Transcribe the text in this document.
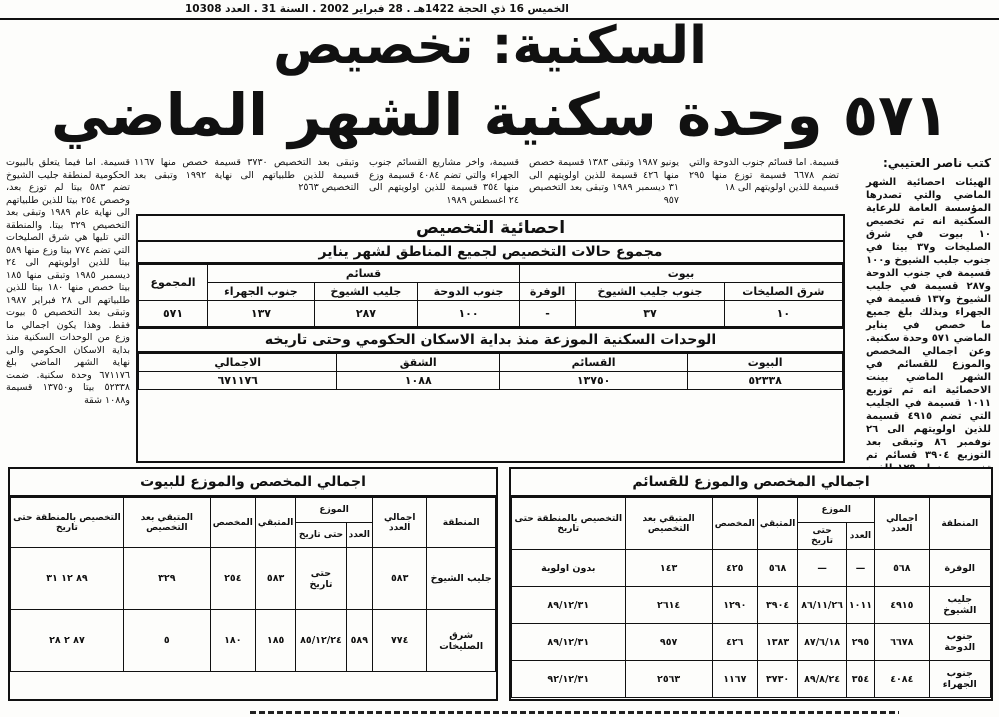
الخميس 16 ذي الحجة 1422هـ . 28 فبراير 2002 . السنة 31 . العدد 10308
السكنية: تخصيص
٥٧١ وحدة سكنية الشهر الماضي
كتب ناصر العتيبي:
الهيئات احصائية الشهر الماضي والتي تصدرها المؤسسة العامة للرعاية السكنية انه تم تخصيص ١٠ بيوت في شرق الصليخات و٣٧ بيتا في جنوب جليب الشيوخ و١٠٠ قسيمة في جنوب الدوحة و٢٨٧ قسيمة في جليب الشيوخ و١٣٧ قسيمة في الجهراء وبذلك بلغ جميع ما خصص في يناير الماضي ٥٧١ وحدة سكنية. وعن اجمالي المخصص والموزع للقسائم في الشهر الماضي بينت الاحصائية انه تم توزيع ١٠١١ قسيمة في الجليب التي تضم ٤٩١٥ قسيمة للذين اولويتهم الى ٢٦ نوفمبر ٨٦ وتبقى بعد التوزيع ٣٩٠٤ قسائم تم
قسيمة. اما فيما يتعلق بالبيوت الحكومية لمنطقة جليب الشيوخ تضم ٥٨٣ بيتا لم توزع بعد، وخصص ٢٥٤ بيتا للذين طلبياتهم الى نهاية عام ١٩٨٩ وتبقى بعد التخصيص ٣٢٩ بيتا. والمنطقة التي تليها هي شرق الصليخات التي تضم ٧٧٤ بيتا وزع منها ٥٨٩ بيتا للذين اولويتهم الى ٢٤ ديسمبر ١٩٨٥ وتبقى منها ١٨٥ بيتا خصص منها ١٨٠ بيتا للذين طلبياتهم الى ٢٨ فبراير ١٩٨٧ وتبقى بعد التخصيص ٥ بيوت فقط. وهذا يكون اجمالي ما وزع من الوحدات السكنية منذ بداية الاسكان الحكومي والى نهاية الشهر الماضي بلغ ٦٧١١٧٦ وحدة سكنية. ضمت ٥٢٣٣٨ بيتا و١٣٧٥٠ قسيمة و١٠٨٨ شقة
قسيمة. اما قسائم جنوب الدوحة والتي تضم ٦٦٧٨ قسيمة توزع منها ٢٩٥ قسيمة للذين اولويتهم الى ١٨
يونيو ١٩٨٧ وتبقى ١٣٨٣ قسيمة خصص منها ٤٢٦ قسيمة للذين اولويتهم الى ٣١ ديسمبر ١٩٨٩ وتبقى بعد التخصيص ٩٥٧
قسيمة، واخر مشاريع القسائم جنوب الجهراء والتي تضم ٤٠٨٤ قسيمة وزع منها ٣٥٤ قسيمة للذين اولويتهم الى ٢٤ اغسطس ١٩٨٩
وتبقى بعد التخصيص ٣٧٣٠ قسيمة خصص منها ١١٦٧ قسيمة للذين طلبياتهم الى نهاية ١٩٩٢ وتبقى بعد التخصيص ٢٥٦٣
احصائية التخصيص
مجموع حالات التخصيص لجميع المناطق لشهر يناير
بيوت			قسائم			المجموع
شرق الصليخات	جنوب جليب الشيوخ	الوفرة	جنوب الدوحة	جليب الشيوخ	جنوب الجهراء	
١٠	٣٧	-	١٠٠	٢٨٧	١٣٧	٥٧١
الوحدات السكنية الموزعة منذ بداية الاسكان الحكومي وحتى تاريخه
البيوت	القسائم	الشقق	الاجمالي
٥٢٣٣٨	١٣٧٥٠	١٠٨٨	٦٧١١٧٦
اجمالي المخصص والموزع للقسائم
المنطقة	اجمالي العدد	الموزع		المتبقي	المخصص	المتبقي بعد التخصيص	التخصيص بالمنطقة حتى تاريخ
		العدد	حتى تاريخ				
الوفرة	٥٦٨	—	—	٥٦٨	٤٢٥	١٤٣	بدون اولوية
جليب الشيوخ	٤٩١٥	١٠١١	٨٦/١١/٢٦	٣٩٠٤	١٢٩٠	٢٦١٤	٨٩/١٢/٣١
جنوب الدوحة	٦٦٧٨	٢٩٥	٨٧/٦/١٨	١٣٨٣	٤٢٦	٩٥٧	٨٩/١٢/٣١
جنوب الجهراء	٤٠٨٤	٣٥٤	٨٩/٨/٢٤	٣٧٣٠	١١٦٧	٢٥٦٣	٩٢/١٢/٣١
اجمالي المخصص والموزع للبيوت
المنطقة	اجمالي العدد	الموزع		المتبقي	المخصص	المتبقي بعد التخصيص	التخصيص بالمنطقة حتى تاريخ
		العدد	حتى تاريخ				
جليب الشيوخ	٥٨٣		حتى تاريخ	٥٨٣	٢٥٤	٣٢٩	٨٩ ١٢ ٣١
شرق الصليخات	٧٧٤	٥٨٩	٨٥/١٢/٢٤	١٨٥	١٨٠	٥	٨٧ ٢ ٢٨
